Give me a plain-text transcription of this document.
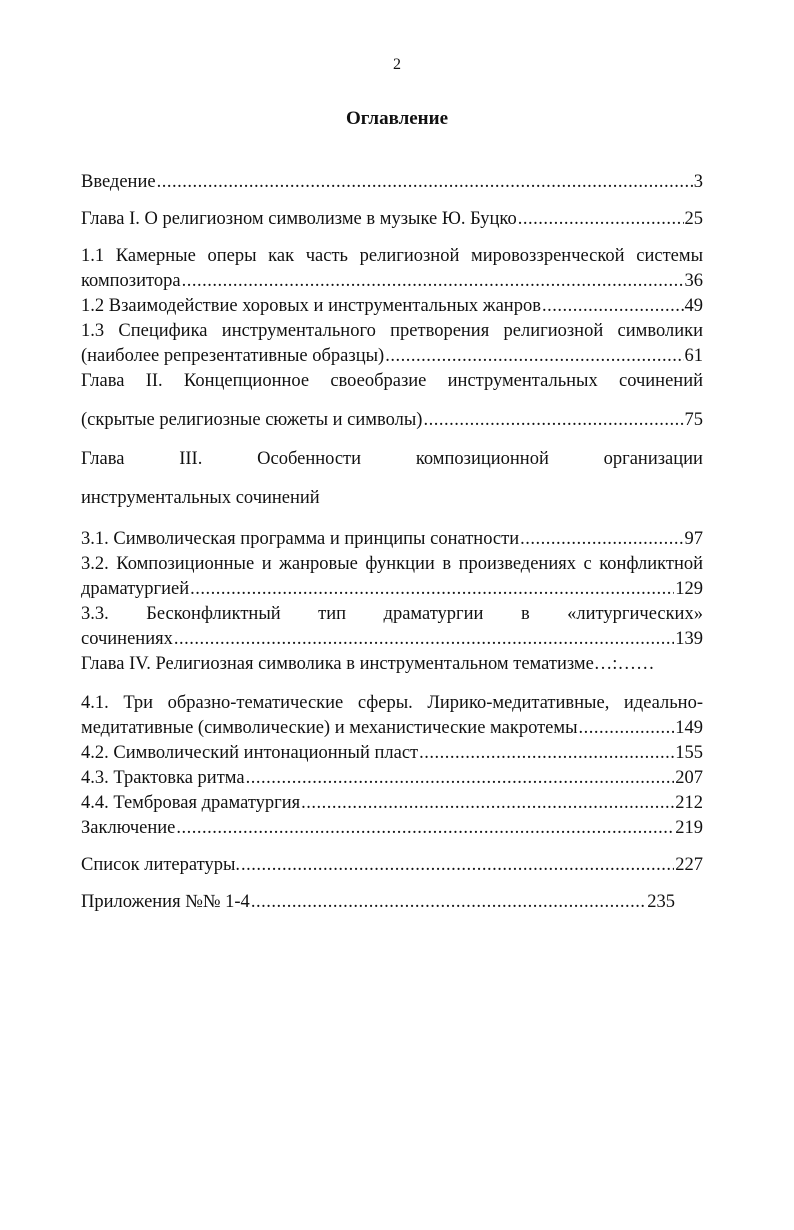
2
Оглавление
Введение .....	3
Глава I. О религиозном символизме в музыке Ю. Буцко .....	25
1.1 Камерные оперы как часть религиозной мировоззренческой системы
композитора .....	36
1.2 Взаимодействие хоровых и инструментальных жанров .....	49
1.3 Специфика инструментального претворения религиозной символики
(наиболее репрезентативные образцы) .....	61
Глава II. Концепционное своеобразие инструментальных сочинений
(скрытые религиозные сюжеты и символы) .....	75
Глава	III.	Особенности	композиционной	организации
инструментальных сочинений
3.1. Символическая программа и принципы сонатности .....	97
3.2. Композиционные и жанровые функции в произведениях с конфликтной
драматургией .....	129
3.3. Бесконфликтный тип драматургии в «литургических»
сочинениях .....	139
Глава IV. Религиозная символика в инструментальном тематизме…:……
4.1. Три образно-тематические сферы. Лирико-медитативные, идеально-
медитативные (символические) и механистические макротемы .....	149
4.2. Символический интонационный пласт .....	155
4.3. Трактовка ритма .....	207
4.4. Тембровая драматургия .....	212
Заключение .....	219
Список литературы. .....	227
Приложения №№ 1-4 .....	235
